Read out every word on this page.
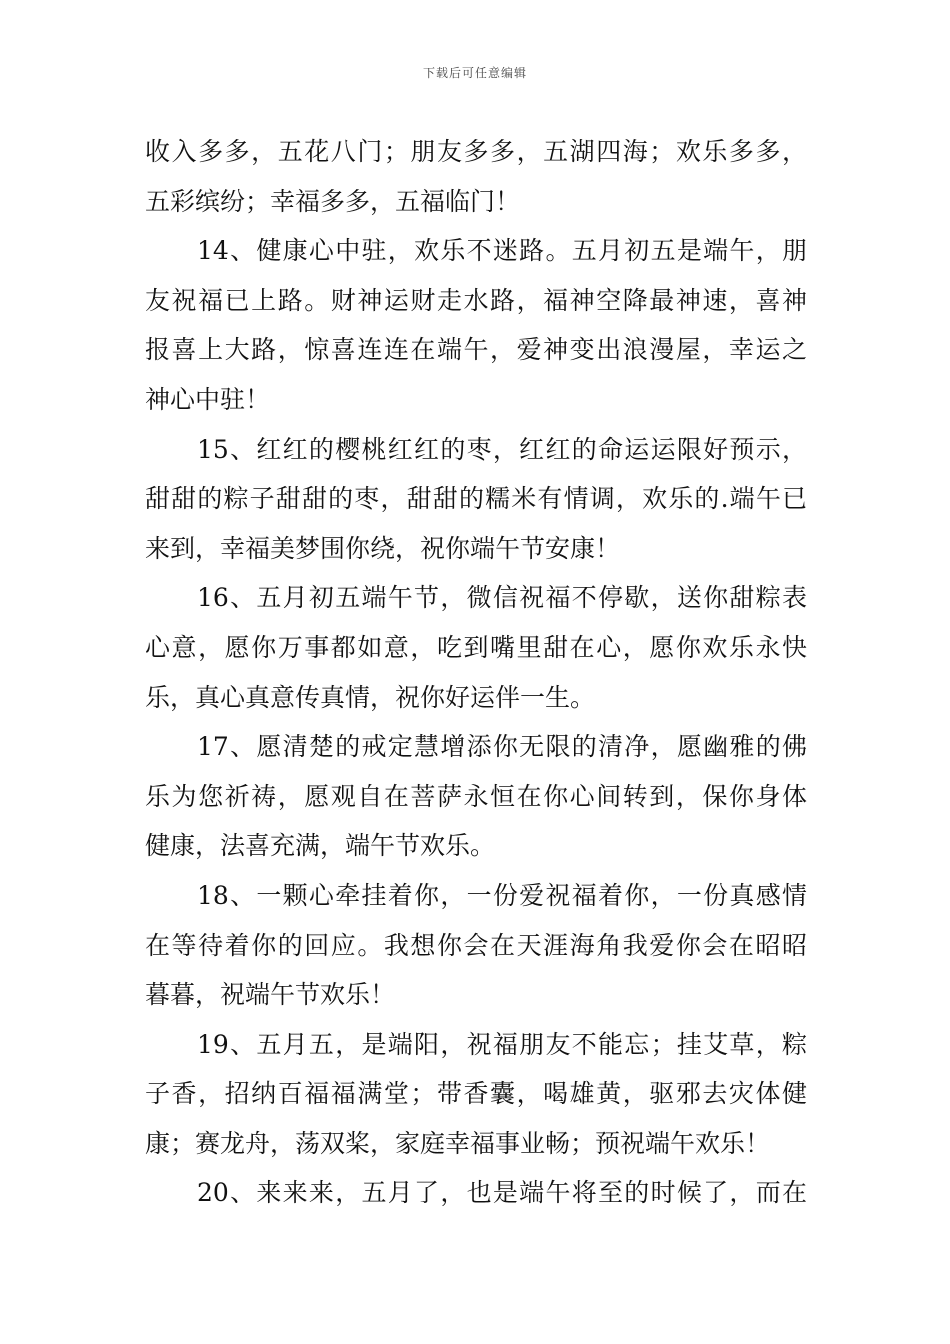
下载后可任意编辑
收入多多，五花八门；朋友多多，五湖四海；欢乐多多，
五彩缤纷；幸福多多，五福临门！
14、健康心中驻，欢乐不迷路。五月初五是端午，朋
友祝福已上路。财神运财走水路，福神空降最神速，喜神
报喜上大路，惊喜连连在端午，爱神变出浪漫屋，幸运之
神心中驻！
15、红红的樱桃红红的枣，红红的命运运限好预示，
甜甜的粽子甜甜的枣，甜甜的糯米有情调，欢乐的.端午已
来到，幸福美梦围你绕，祝你端午节安康！
16、五月初五端午节，微信祝福不停歇，送你甜粽表
心意，愿你万事都如意，吃到嘴里甜在心，愿你欢乐永快
乐，真心真意传真情，祝你好运伴一生。
17、愿清楚的戒定慧增添你无限的清净，愿幽雅的佛
乐为您祈祷，愿观自在菩萨永恒在你心间转到，保你身体
健康，法喜充满，端午节欢乐。
18、一颗心牵挂着你，一份爱祝福着你，一份真感情
在等待着你的回应。我想你会在天涯海角我爱你会在昭昭
暮暮，祝端午节欢乐！
19、五月五，是端阳，祝福朋友不能忘；挂艾草，粽
子香，招纳百福福满堂；带香囊，喝雄黄，驱邪去灾体健
康；赛龙舟，荡双桨，家庭幸福事业畅；预祝端午欢乐！
20、来来来，五月了，也是端午将至的时候了，而在
